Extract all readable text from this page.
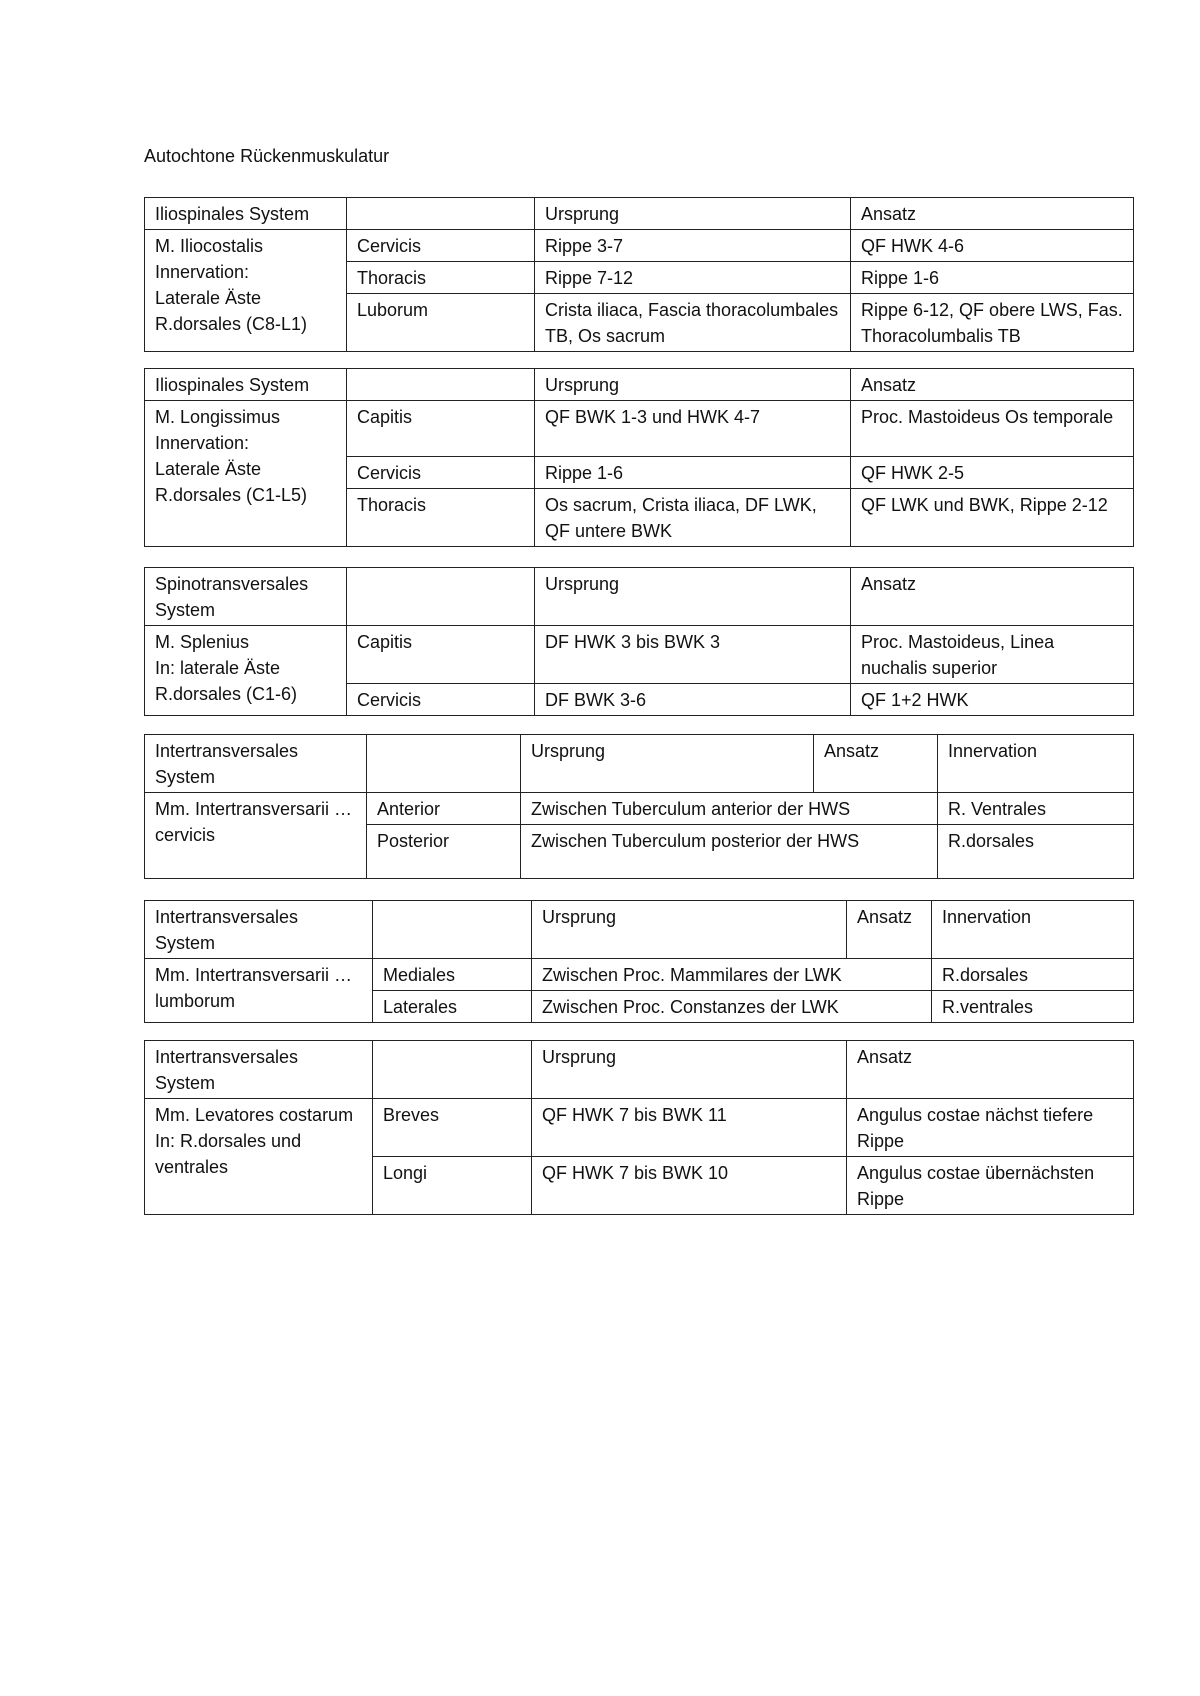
Autochtone Rückenmuskulatur
Iliospinales System		Ursprung	Ansatz
M. Iliocostalis
Innervation:
Laterale Äste
R.dorsales (C8-L1)	Cervicis	Rippe 3-7	QF HWK 4-6
	Thoracis	Rippe 7-12	Rippe 1-6
	Luborum	Crista iliaca, Fascia thoracolumbales TB, Os sacrum	Rippe 6-12, QF obere LWS, Fas. Thoracolumbalis TB
Iliospinales System		Ursprung	Ansatz
M. Longissimus
Innervation:
Laterale Äste
R.dorsales (C1-L5)	Capitis	QF BWK 1-3 und HWK 4-7	Proc. Mastoideus Os temporale
	Cervicis	Rippe 1-6	QF HWK 2-5
	Thoracis	Os sacrum, Crista iliaca, DF LWK, QF untere BWK	QF LWK und BWK, Rippe 2-12
Spinotransversales System		Ursprung	Ansatz
M. Splenius
In: laterale Äste
R.dorsales (C1-6)	Capitis	DF HWK 3 bis BWK 3	Proc. Mastoideus, Linea nuchalis superior
	Cervicis	DF BWK 3-6	QF 1+2 HWK
Intertransversales System		Ursprung	Ansatz	Innervation
Mm. Intertransversarii … cervicis	Anterior	Zwischen Tuberculum anterior der HWS		R. Ventrales
	Posterior	Zwischen Tuberculum posterior der HWS		R.dorsales
Intertransversales System		Ursprung	Ansatz	Innervation
Mm. Intertransversarii … lumborum	Mediales	Zwischen Proc. Mammilares der LWK		R.dorsales
	Laterales	Zwischen Proc. Constanzes der LWK		R.ventrales
Intertransversales System		Ursprung	Ansatz
Mm. Levatores costarum
In: R.dorsales und ventrales	Breves	QF HWK 7 bis BWK 11	Angulus costae nächst tiefere Rippe
	Longi	QF HWK 7 bis BWK 10	Angulus costae übernächsten Rippe
